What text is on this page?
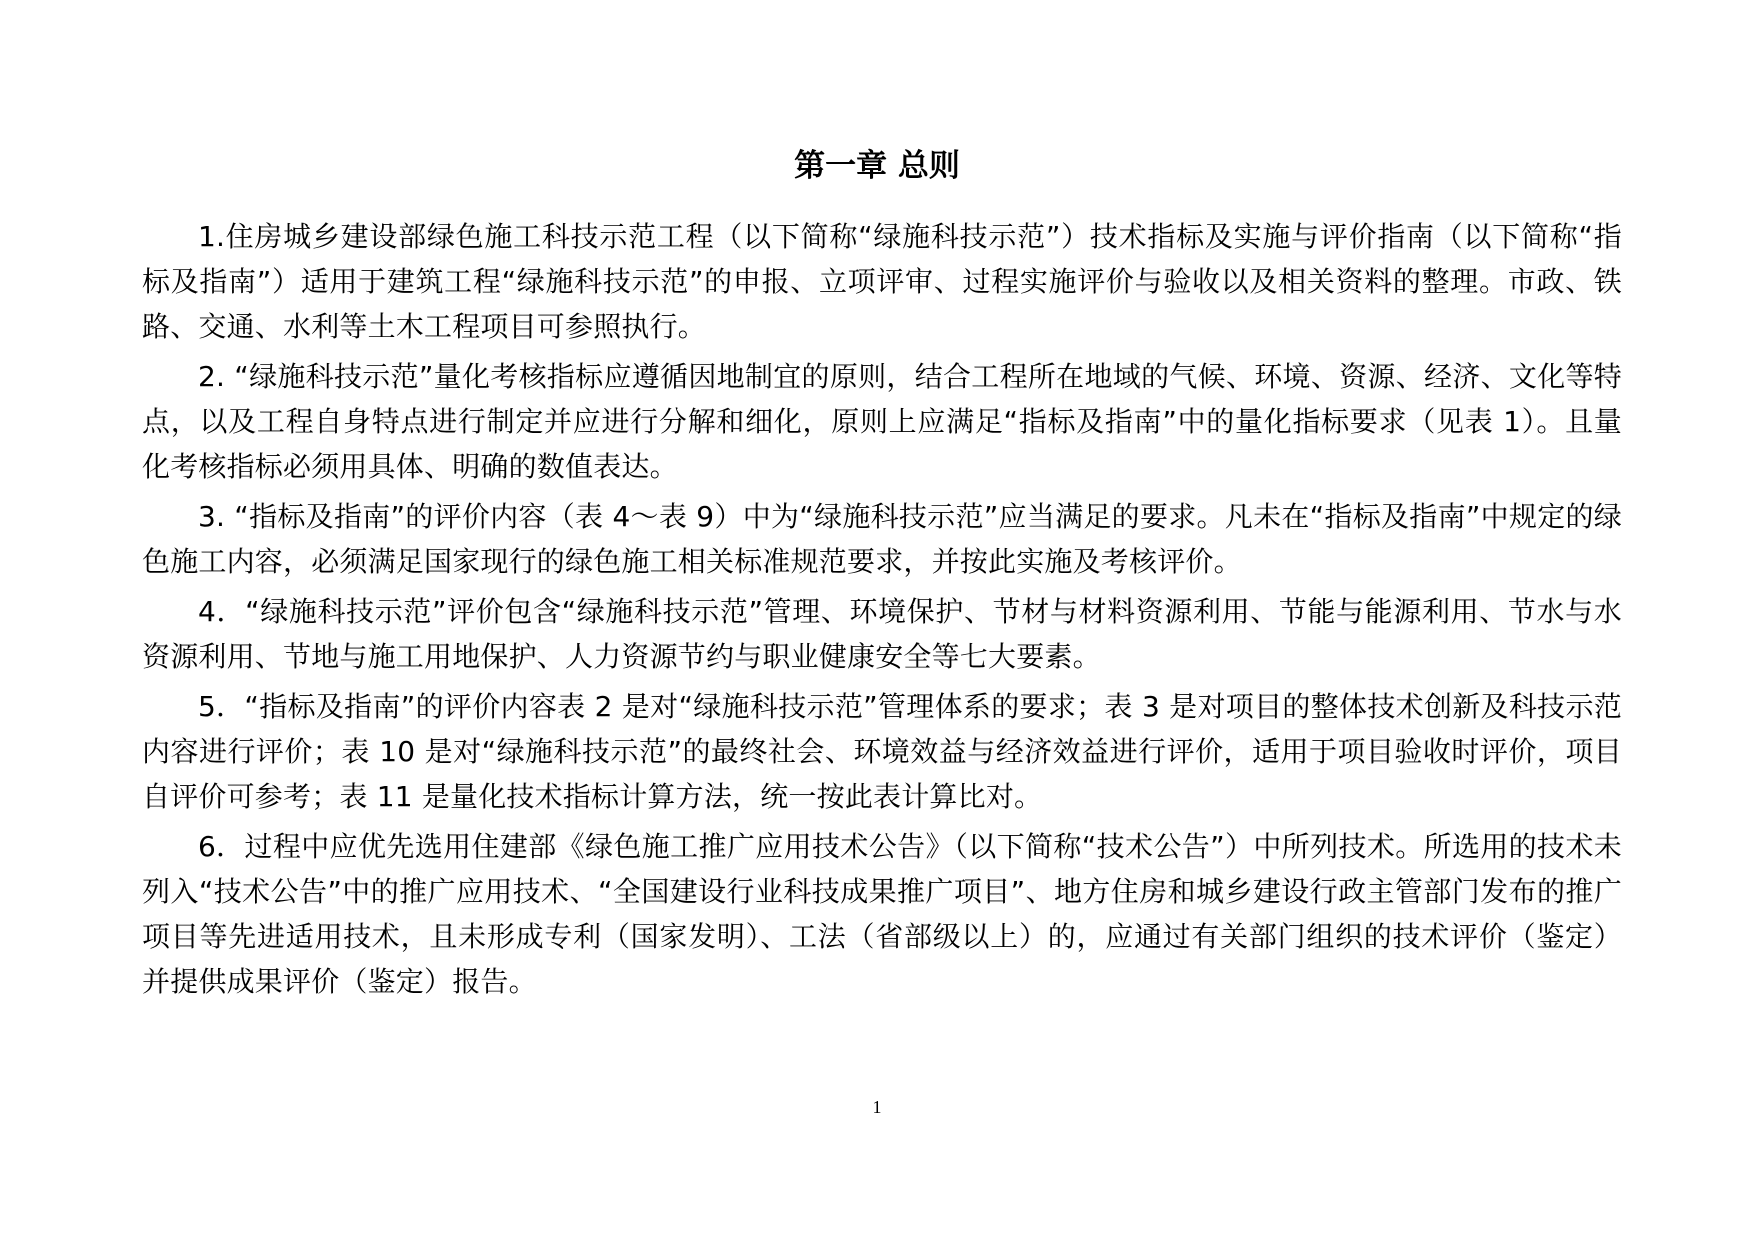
第一章 总则

1.住房城乡建设部绿色施工科技示范工程（以下简称“绿施科技示范”）技术指标及实施与评价指南（以下简称“指标及指南”）适用于建筑工程“绿施科技示范”的申报、立项评审、过程实施评价与验收以及相关资料的整理。市政、铁路、交通、水利等土木工程项目可参照执行。

2. “绿施科技示范”量化考核指标应遵循因地制宜的原则，结合工程所在地域的气候、环境、资源、经济、文化等特点，以及工程自身特点进行制定并应进行分解和细化，原则上应满足“指标及指南”中的量化指标要求（见表 1）。且量化考核指标必须用具体、明确的数值表达。

3. “指标及指南”的评价内容（表 4～表 9）中为“绿施科技示范”应当满足的要求。凡未在“指标及指南”中规定的绿色施工内容，必须满足国家现行的绿色施工相关标准规范要求，并按此实施及考核评价。

4．“绿施科技示范”评价包含“绿施科技示范”管理、环境保护、节材与材料资源利用、节能与能源利用、节水与水资源利用、节地与施工用地保护、人力资源节约与职业健康安全等七大要素。

5．“指标及指南”的评价内容表 2 是对“绿施科技示范”管理体系的要求；表 3 是对项目的整体技术创新及科技示范内容进行评价；表 10 是对“绿施科技示范”的最终社会、环境效益与经济效益进行评价，适用于项目验收时评价，项目自评价可参考；表 11 是量化技术指标计算方法，统一按此表计算比对。

6．过程中应优先选用住建部《绿色施工推广应用技术公告》（以下简称“技术公告”）中所列技术。所选用的技术未列入“技术公告”中的推广应用技术、“全国建设行业科技成果推广项目”、地方住房和城乡建设行政主管部门发布的推广项目等先进适用技术，且未形成专利（国家发明）、工法（省部级以上）的，应通过有关部门组织的技术评价（鉴定）并提供成果评价（鉴定）报告。

1
